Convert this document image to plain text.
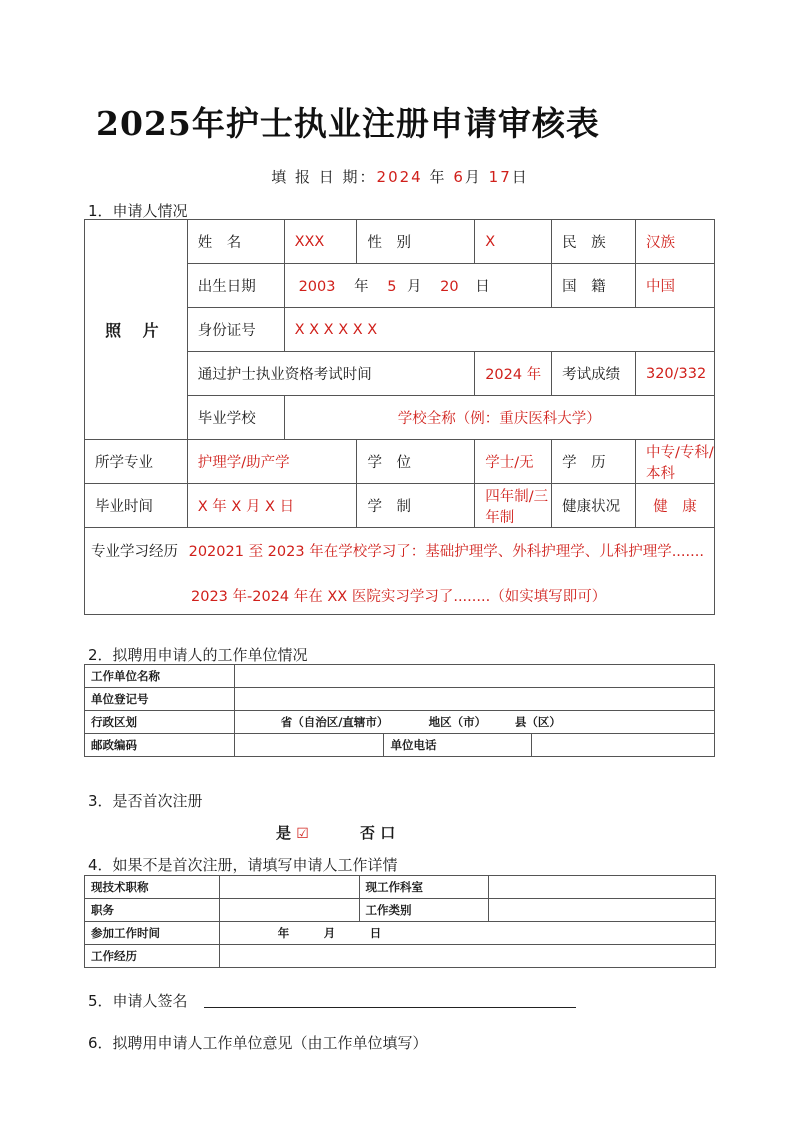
2025年护士执业注册申请审核表
填 报 日 期：2024 年 6月 17日
1．申请人情况
照 片	姓　名	XXX	性　别	X	民　族	汉族
	出生日期	2003 年 5 月 20 日			国　籍	中国
	身份证号	X X X X X X				
	通过护士执业资格考试时间			2024 年	考试成绩	320/332
	毕业学校	学校全称（例：重庆医科大学）				
所学专业	护理学/助产学		学　位	学士/无	学　历	中专/专科/本科
毕业时间	X 年 X 月 X 日		学　制	四年制/三年制	健康状况	健　康

专业学习经历 202021 至 2023 年在学校学习了：基础护理学、外科护理学、儿科护理学.......
2023 年-2024 年在 XX 医院实习学习了........（如实填写即可）						
2．拟聘用申请人的工作单位情况
工作单位名称			
单位登记号			
行政区划	省（自治区/直辖市）　　　　地区（市）　　　县（区）		
邮政编码		单位电话	
3．是否首次注册
是 ☑	否 口
4．如果不是首次注册，请填写申请人工作详情
现技术职称		现工作科室	
职务		工作类别	
参加工作时间	年　　　月　　　日		
工作经历			
5．申请人签名
6．拟聘用申请人工作单位意见（由工作单位填写）
